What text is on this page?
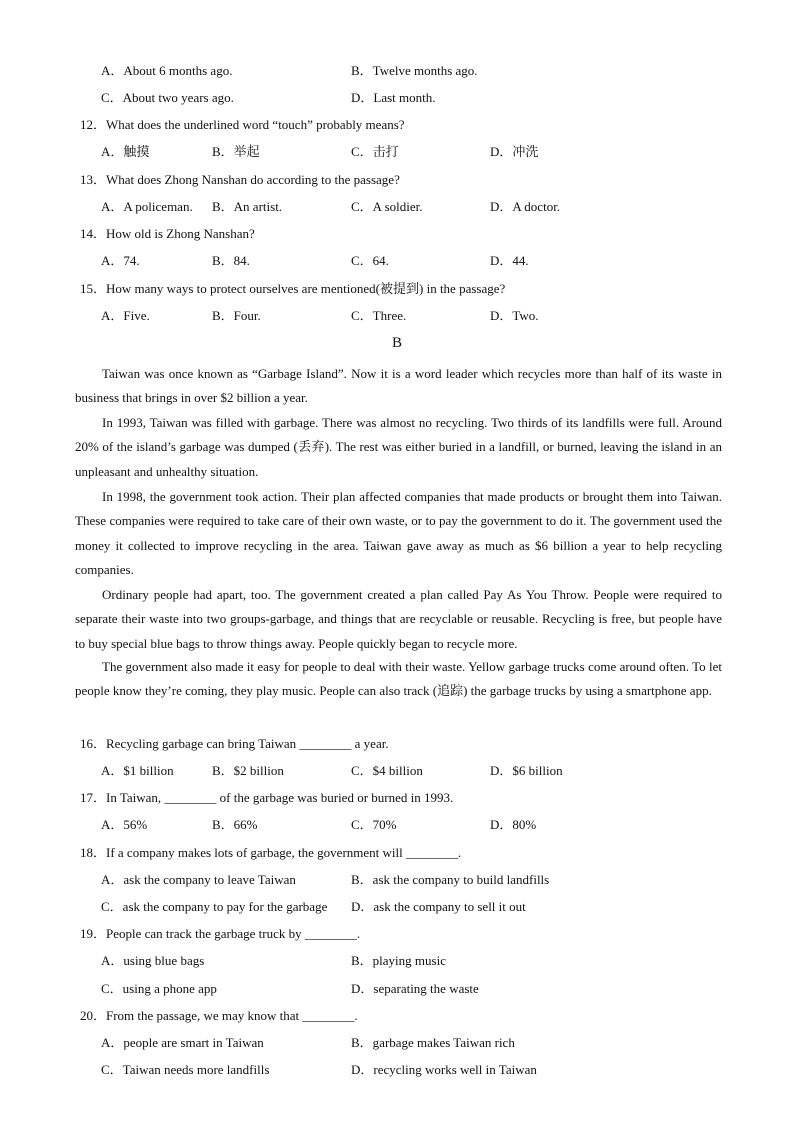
A．About 6 months ago.	B．Twelve months ago.
C．About two years ago.	D．Last month.
12．What does the underlined word “touch” probably means?
A．触摸	B．举起	C．击打	D．冲洗
13．What does Zhong Nanshan do according to the passage?
A．A policeman. B．An artist.	C．A soldier.	D．A doctor.
14．How old is Zhong Nanshan?
A．74.	B．84.	C．64.	D．44.
15．How many ways to protect ourselves are mentioned(被提到) in the passage?
A．Five.	B．Four.	C．Three.	D．Two.
B
Taiwan was once known as “Garbage Island”. Now it is a word leader which recycles more than half of its waste in business that brings in over $2 billion a year.
In 1993, Taiwan was filled with garbage. There was almost no recycling. Two thirds of its landfills were full. Around 20% of the island’s garbage was dumped (丢弃). The rest was either buried in a landfill, or burned, leaving the island in an unpleasant and unhealthy situation.
In 1998, the government took action. Their plan affected companies that made products or brought them into Taiwan. These companies were required to take care of their own waste, or to pay the government to do it. The government used the money it collected to improve recycling in the area. Taiwan gave away as much as $6 billion a year to help recycling companies.
Ordinary people had apart, too. The government created a plan called Pay As You Throw. People were required to separate their waste into two groups-garbage, and things that are recyclable or reusable. Recycling is free, but people have to buy special blue bags to throw things away. People quickly began to recycle more.
The government also made it easy for people to deal with their waste. Yellow garbage trucks come around often. To let people know they’re coming, they play music. People can also track (追踪) the garbage trucks by using a smartphone app.
16．Recycling garbage can bring Taiwan ________ a year.
A．$1 billion	B．$2 billion	C．$4 billion	D．$6 billion
17．In Taiwan, ________ of the garbage was buried or burned in 1993.
A．56%	B．66%	C．70%	D．80%
18．If a company makes lots of garbage, the government will ________.
A．ask the company to leave Taiwan	B．ask the company to build landfills
C．ask the company to pay for the garbage D．ask the company to sell it out
19．People can track the garbage truck by ________.
A．using blue bags	B．playing music
C．using a phone app	D．separating the waste
20．From the passage, we may know that ________.
A．people are smart in Taiwan	B．garbage makes Taiwan rich
C．Taiwan needs more landfills	D．recycling works well in Taiwan
